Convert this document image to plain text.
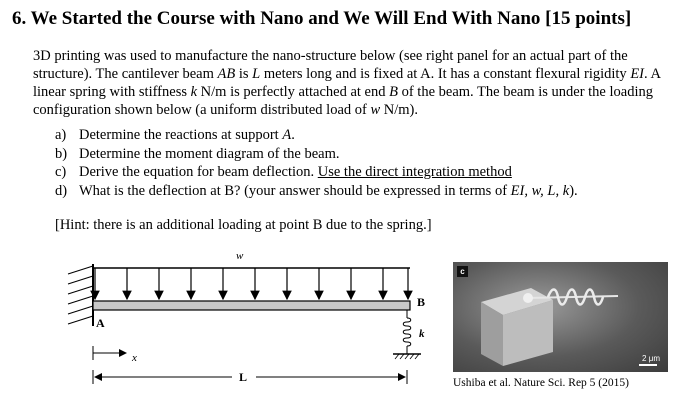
6. We Started the Course with Nano and We Will End With Nano [15 points]

3D printing was used to manufacture the nano-structure below (see right panel for an actual part of the structure). The cantilever beam AB is L meters long and is fixed at A. It has a constant flexural rigidity EI. A linear spring with stiffness k N/m is perfectly attached at end B of the beam. The beam is under the loading configuration shown below (a uniform distributed load of w N/m).

a) Determine the reactions at support A.
b) Determine the moment diagram of the beam.
c) Derive the equation for beam deflection. Use the direct integration method
d) What is the deflection at B? (your answer should be expressed in terms of EI, w, L, k).

[Hint: there is an additional loading at point B due to the spring.]

w
A
B
k
x
L
c
2 μm

Ushiba et al. Nature Sci. Rep 5 (2015)
